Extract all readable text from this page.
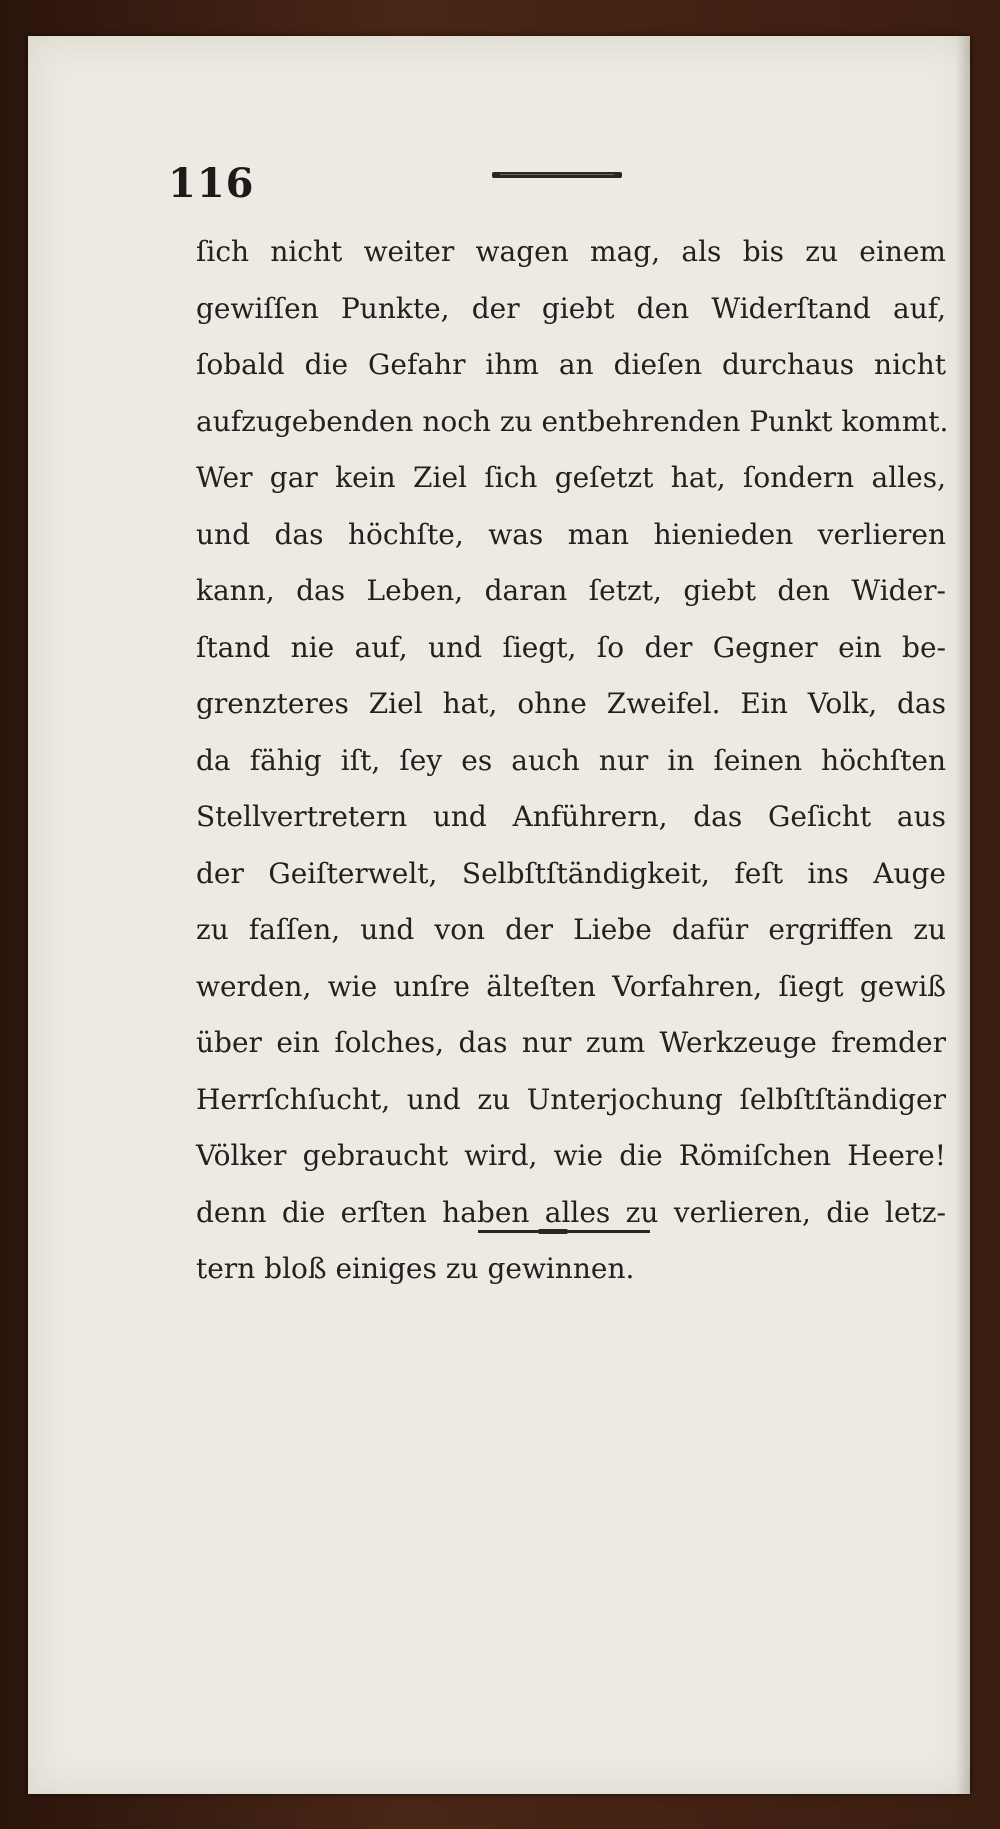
116
ſich nicht weiter wagen mag, als bis zu einem
gewiſſen Punkte, der giebt den Widerſtand auf,
ſobald die Gefahr ihm an dieſen durchaus nicht
aufzugebenden noch zu entbehrenden Punkt kommt.
Wer gar kein Ziel ſich geſetzt hat, ſondern alles,
und das höchſte, was man hienieden verlieren
kann, das Leben, daran ſetzt, giebt den Wider-
ſtand nie auf, und ſiegt, ſo der Gegner ein be-
grenzteres Ziel hat, ohne Zweifel. Ein Volk, das
da fähig iſt, ſey es auch nur in ſeinen höchſten
Stellvertretern und Anführern, das Geſicht aus
der Geiſterwelt, Selbſtſtändigkeit, feſt ins Auge
zu faſſen, und von der Liebe dafür ergriffen zu
werden, wie unſre älteſten Vorfahren, ſiegt gewiß
über ein ſolches, das nur zum Werkzeuge fremder
Herrſchſucht, und zu Unterjochung ſelbſtſtändiger
Völker gebraucht wird, wie die Römiſchen Heere!
denn die erſten haben alles zu verlieren, die letz-
tern bloß einiges zu gewinnen.
